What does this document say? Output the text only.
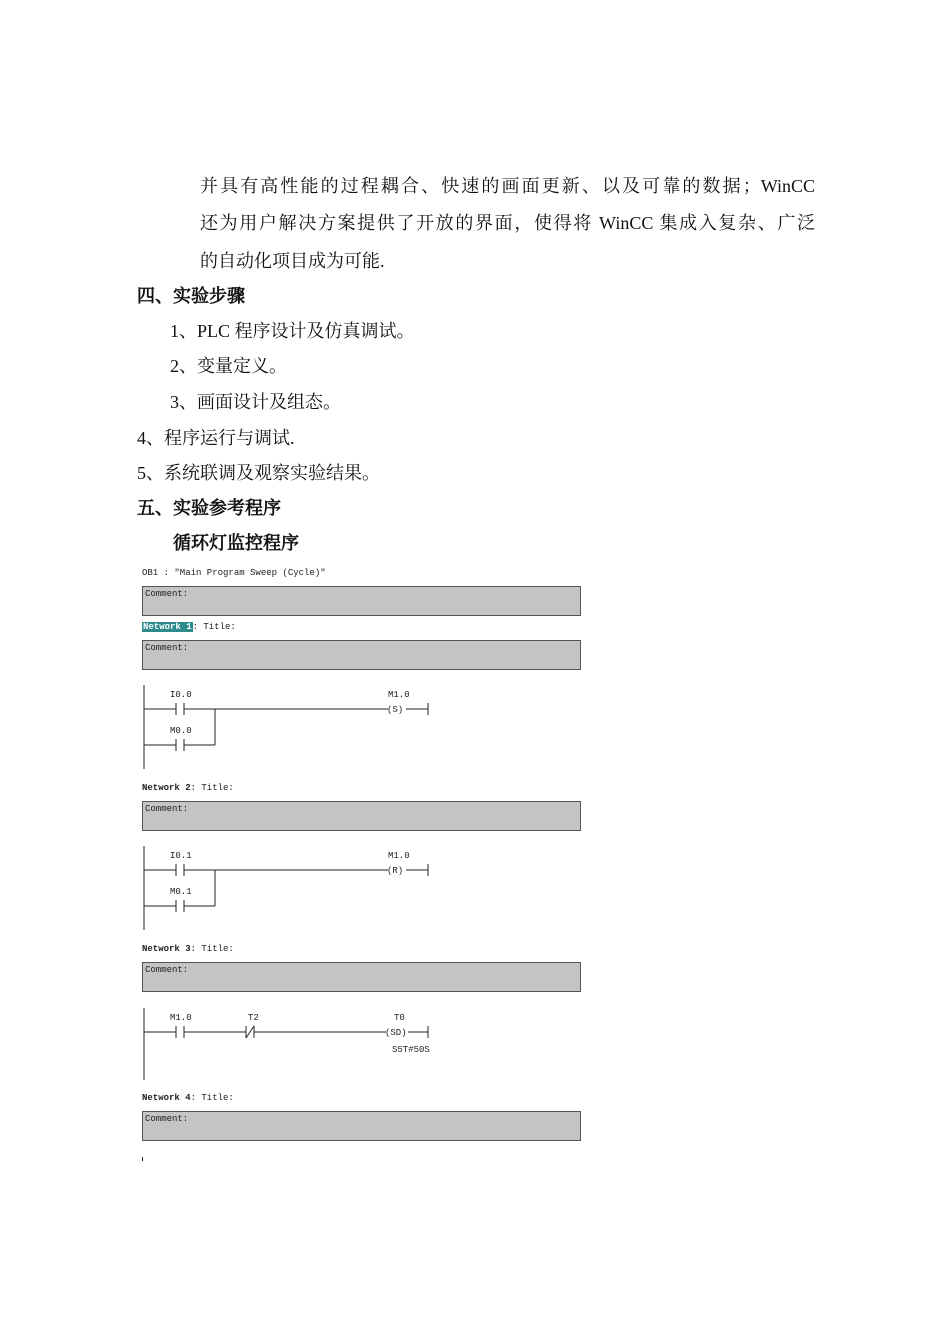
并具有高性能的过程耦合、快速的画面更新、以及可靠的数据；WinCC
还为用户解决方案提供了开放的界面，使得将 WinCC 集成入复杂、广泛
的自动化项目成为可能.
四、实验步骤
1、PLC 程序设计及仿真调试。
2、变量定义。
3、画面设计及组态。
4、程序运行与调试.
5、系统联调及观察实验结果。
五、实验参考程序
循环灯监控程序
OB1 : "Main Program Sweep (Cycle)"
Comment:
Network 1: Title:
Comment:
I0.0
M0.0
M1.0
(S)
Network 2: Title:
Comment:
I0.1
M0.1
M1.0
(R)
Network 3: Title:
Comment:
M1.0	T2	T0
(SD)
S5T#50S
Network 4: Title:
Comment:
